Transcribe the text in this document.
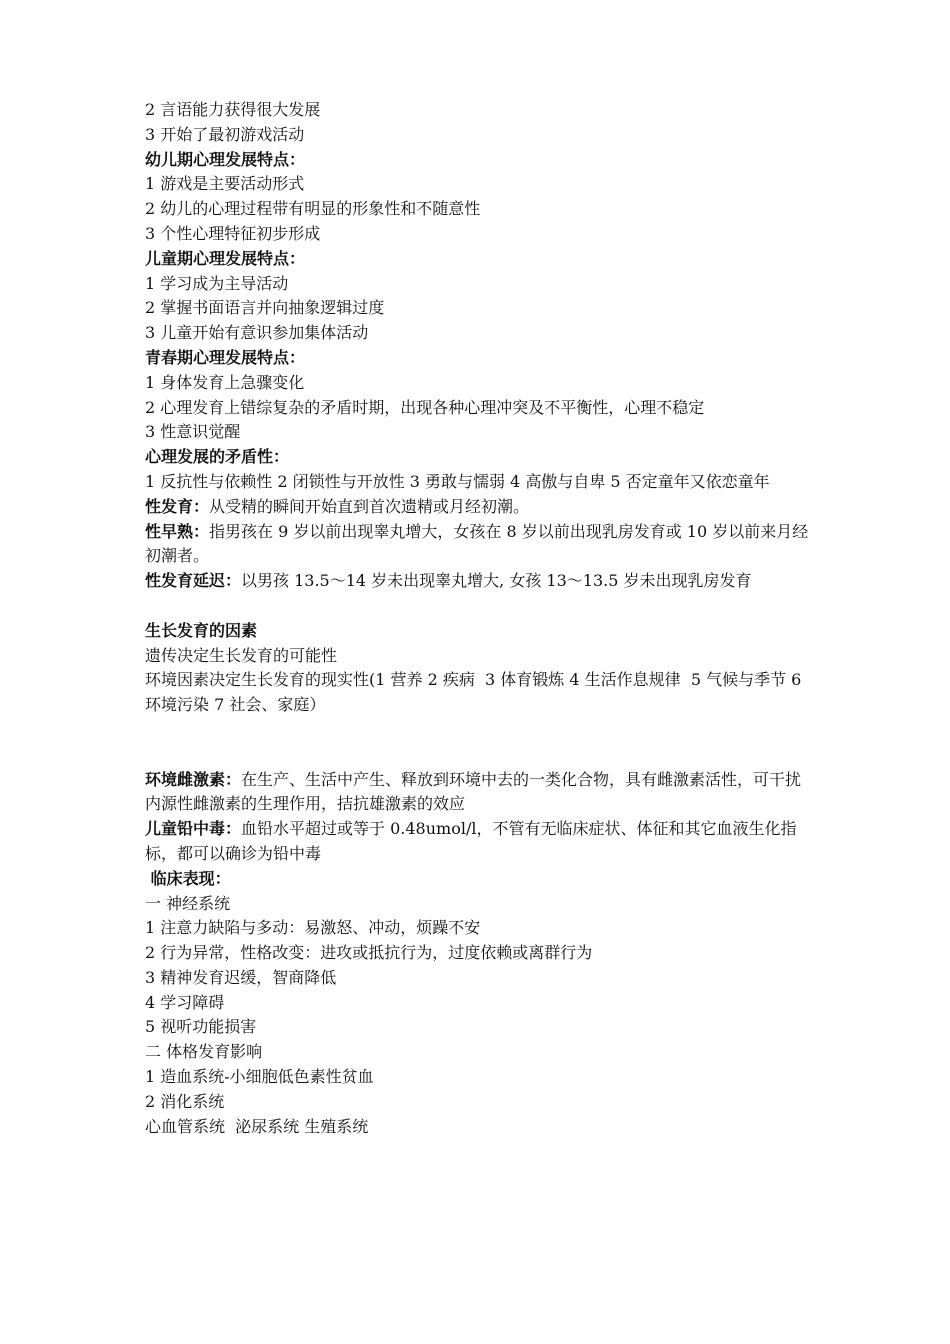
2 言语能力获得很大发展

3 开始了最初游戏活动

幼儿期心理发展特点：

1 游戏是主要活动形式

2 幼儿的心理过程带有明显的形象性和不随意性

3 个性心理特征初步形成

儿童期心理发展特点：

1 学习成为主导活动

2 掌握书面语言并向抽象逻辑过度

3 儿童开始有意识参加集体活动

青春期心理发展特点：

1 身体发育上急骤变化

2 心理发育上错综复杂的矛盾时期，出现各种心理冲突及不平衡性，心理不稳定

3 性意识觉醒

心理发展的矛盾性：

1 反抗性与依赖性 2 闭锁性与开放性 3 勇敢与懦弱 4 高傲与自卑 5 否定童年又依恋童年

性发育：从受精的瞬间开始直到首次遗精或月经初潮。

性早熟：指男孩在 9 岁以前出现睾丸增大，女孩在 8 岁以前出现乳房发育或 10 岁以前来月经初潮者。

性发育延迟：以男孩 13.5～14 岁未出现睾丸增大, 女孩 13～13.5 岁未出现乳房发育

生长发育的因素

遗传决定生长发育的可能性

环境因素决定生长发育的现实性(1 营养 2 疾病  3 体育锻炼 4 生活作息规律  5 气候与季节 6 环境污染 7 社会、家庭）

环境雌激素：在生产、生活中产生、释放到环境中去的一类化合物，具有雌激素活性，可干扰内源性雌激素的生理作用，拮抗雄激素的效应

儿童铅中毒：血铅水平超过或等于 0.48umol/l，不管有无临床症状、体征和其它血液生化指标，都可以确诊为铅中毒

临床表现：

一 神经系统

1 注意力缺陷与多动：易激怒、冲动，烦躁不安

2 行为异常，性格改变：进攻或抵抗行为，过度依赖或离群行为

3 精神发育迟缓，智商降低

4 学习障碍

5 视听功能损害

二 体格发育影响

1 造血系统-小细胞低色素性贫血

2 消化系统

心血管系统  泌尿系统 生殖系统
